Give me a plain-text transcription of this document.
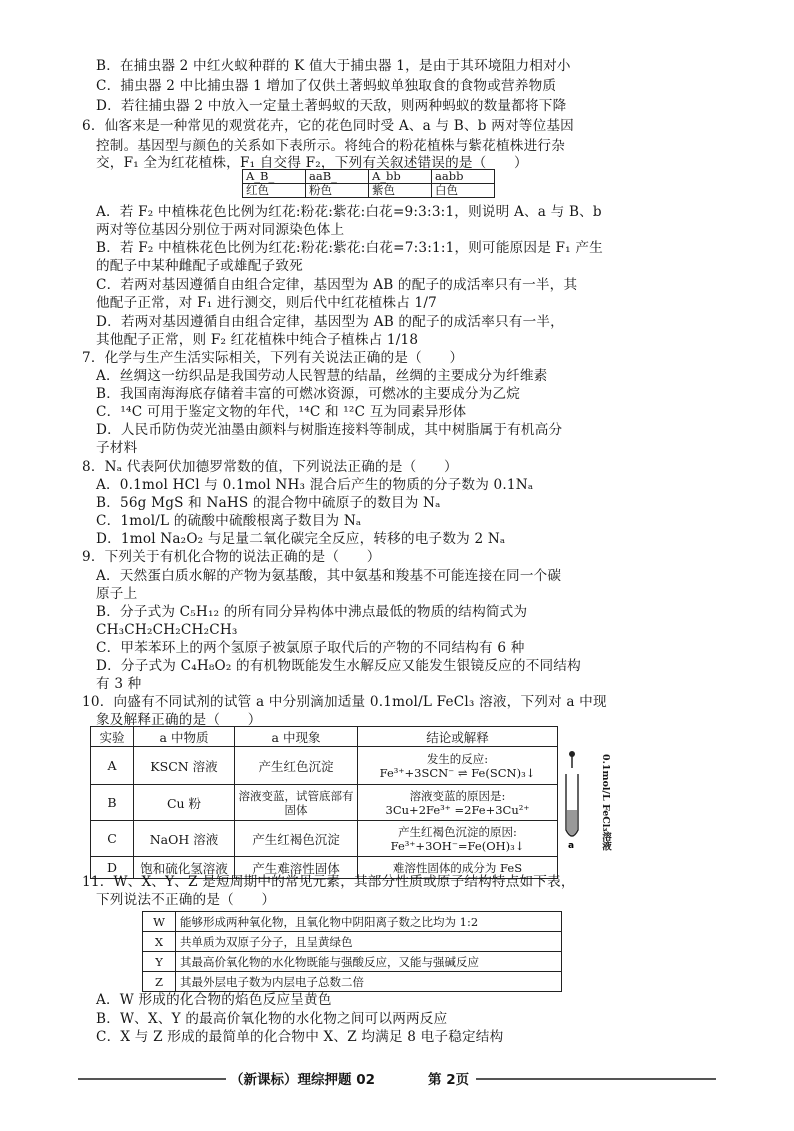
B．在捕虫器 2 中红火蚁种群的 K 值大于捕虫器 1，是由于其环境阻力相对小
C．捕虫器 2 中比捕虫器 1 增加了仅供土著蚂蚁单独取食的食物或营养物质
D．若往捕虫器 2 中放入一定量土著蚂蚁的天敌，则两种蚂蚁的数量都将下降
6．仙客来是一种常见的观赏花卉，它的花色同时受 A、a 与 B、b 两对等位基因
控制。基因型与颜色的关系如下表所示。将纯合的粉花植株与紫花植株进行杂
交，F₁ 全为红花植株，F₁ 自交得 F₂，下列有关叙述错误的是（　　）
A_B_	aaB_	A_bb	aabb
红色	粉色	紫色	白色
A．若 F₂ 中植株花色比例为红花:粉花:紫花:白花=9:3:3:1，则说明 A、a 与 B、b
两对等位基因分别位于两对同源染色体上
B．若 F₂ 中植株花色比例为红花:粉花:紫花:白花=7:3:1:1，则可能原因是 F₁ 产生
的配子中某种雌配子或雄配子致死
C．若两对基因遵循自由组合定律，基因型为 AB 的配子的成活率只有一半，其
他配子正常，对 F₁ 进行测交，则后代中红花植株占 1/7
D．若两对基因遵循自由组合定律，基因型为 AB 的配子的成活率只有一半，
其他配子正常，则 F₂ 红花植株中纯合子植株占 1/18
7．化学与生产生活实际相关，下列有关说法正确的是（　　）
A．丝绸这一纺织品是我国劳动人民智慧的结晶，丝绸的主要成分为纤维素
B．我国南海海底存储着丰富的可燃冰资源，可燃冰的主要成分为乙烷
C．¹⁴C 可用于鉴定文物的年代，¹⁴C 和 ¹²C 互为同素异形体
D．人民币防伪荧光油墨由颜料与树脂连接料等制成，其中树脂属于有机高分
子材料
8．Nₐ 代表阿伏加德罗常数的值，下列说法正确的是（　　）
A．0.1mol HCl 与 0.1mol NH₃ 混合后产生的物质的分子数为 0.1Nₐ
B．56g MgS 和 NaHS 的混合物中硫原子的数目为 Nₐ
C．1mol/L 的硫酸中硫酸根离子数目为 Nₐ
D．1mol Na₂O₂ 与足量二氧化碳完全反应，转移的电子数为 2 Nₐ
9．下列关于有机化合物的说法正确的是（　　）
A．天然蛋白质水解的产物为氨基酸，其中氨基和羧基不可能连接在同一个碳
原子上
B．分子式为 C₅H₁₂ 的所有同分异构体中沸点最低的物质的结构简式为
CH₃CH₂CH₂CH₂CH₃
C．甲苯苯环上的两个氢原子被氯原子取代后的产物的不同结构有 6 种
D．分子式为 C₄H₈O₂ 的有机物既能发生水解反应又能发生银镜反应的不同结构
有 3 种
10．向盛有不同试剂的试管 a 中分别滴加适量 0.1mol/L FeCl₃ 溶液，下列对 a 中现
象及解释正确的是（　　）
实验	a 中物质	a 中现象	结论或解释
A	KSCN 溶液	产生红色沉淀	发生的反应:
Fe³⁺+3SCN⁻ ⇌ Fe(SCN)₃↓

B	Cu 粉	溶液变蓝，试管底部有固体	溶液变蓝的原因是:
3Cu+2Fe³⁺ =2Fe+3Cu²⁺

C	NaOH 溶液	产生红褐色沉淀	产生红褐色沉淀的原因:
Fe³⁺+3OH⁻=Fe(OH)₃↓

D	饱和硫化氢溶液	产生难溶性固体	难溶性固体的成分为 FeS
a	0.1mol/L FeCl₃溶液
11．W、X、Y、Z 是短周期中的常见元素，其部分性质或原子结构特点如下表，
下列说法不正确的是（　　）
W	能够形成两种氧化物，且氧化物中阴阳离子数之比均为 1:2
X	共单质为双原子分子，且呈黄绿色
Y	其最高价氧化物的水化物既能与强酸反应，又能与强碱反应
Z	其最外层电子数为内层电子总数二倍
A．W 形成的化合物的焰色反应呈黄色
B．W、X、Y 的最高价氧化物的水化物之间可以两两反应
C．X 与 Z 形成的最简单的化合物中 X、Z 均满足 8 电子稳定结构
（新课标）理综押题 02	第 2页
